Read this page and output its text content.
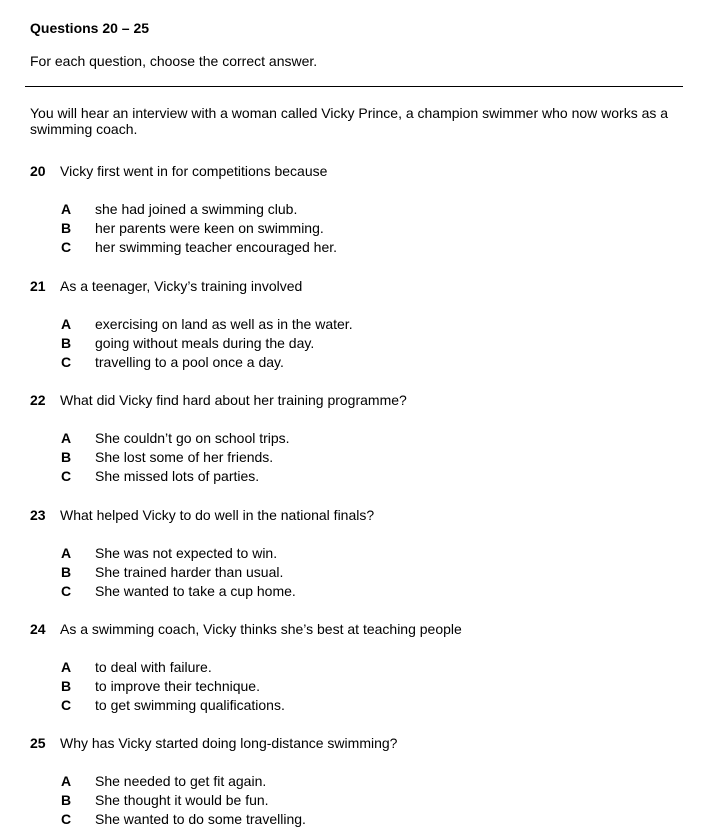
Questions 20 – 25
For each question, choose the correct answer.
You will hear an interview with a woman called Vicky Prince, a champion swimmer who now works as a swimming coach.
20 Vicky first went in for competitions because
A	she had joined a swimming club.
B	her parents were keen on swimming.
C	her swimming teacher encouraged her.
21 As a teenager, Vicky’s training involved
A	exercising on land as well as in the water.
B	going without meals during the day.
C	travelling to a pool once a day.
22 What did Vicky find hard about her training programme?
A	She couldn’t go on school trips.
B	She lost some of her friends.
C	She missed lots of parties.
23 What helped Vicky to do well in the national finals?
A	She was not expected to win.
B	She trained harder than usual.
C	She wanted to take a cup home.
24 As a swimming coach, Vicky thinks she’s best at teaching people
A	to deal with failure.
B	to improve their technique.
C	to get swimming qualifications.
25 Why has Vicky started doing long-distance swimming?
A	She needed to get fit again.
B	She thought it would be fun.
C	She wanted to do some travelling.
